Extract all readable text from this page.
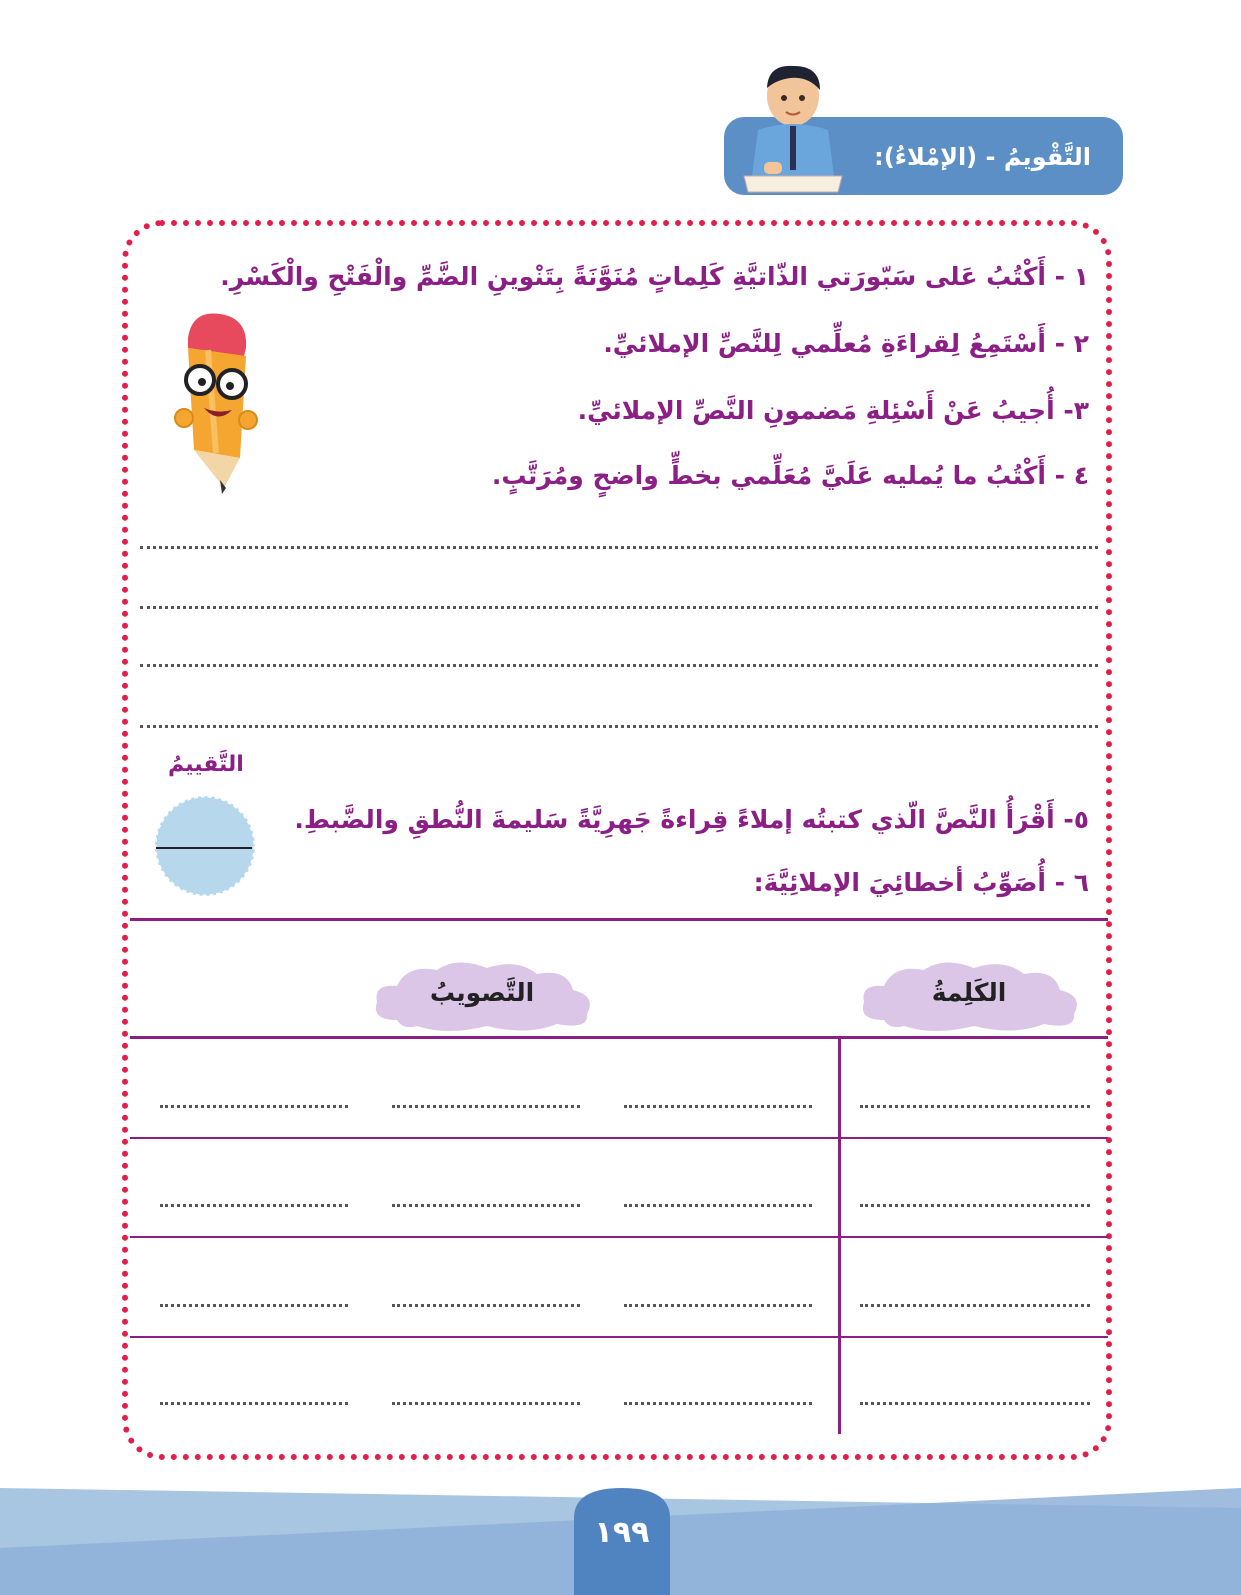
التَّقْويمُ - (الإمْلاءُ):
١ - أَكْتُبُ عَلى سَبّورَتي الذّاتيَّةِ كَلِماتٍ مُنَوَّنَةً بِتَنْوينِ الضَّمِّ والْفَتْحِ والْكَسْرِ.
٢ - أَسْتَمِعُ لِقراءَةِ مُعلِّمي لِلنَّصِّ الإملائيِّ.
٣- أُجيبُ عَنْ أَسْئِلةِ مَضمونِ النَّصِّ الإملائيِّ.
٤ - أَكْتُبُ ما يُمليه عَلَيَّ مُعَلِّمي بخطٍّ واضحٍ ومُرَتَّبٍ.
التَّقييمُ
٥- أَقْرَأُ النَّصَّ الّذي كتبتُه إملاءً قِراءةً جَهرِيَّةً سَليمةَ النُّطقِ والضَّبطِ.
٦ - أُصَوِّبُ أخطائِيَ الإملائِيَّةَ:
التَّصويبُ	الكَلِمةُ
١٩٩
